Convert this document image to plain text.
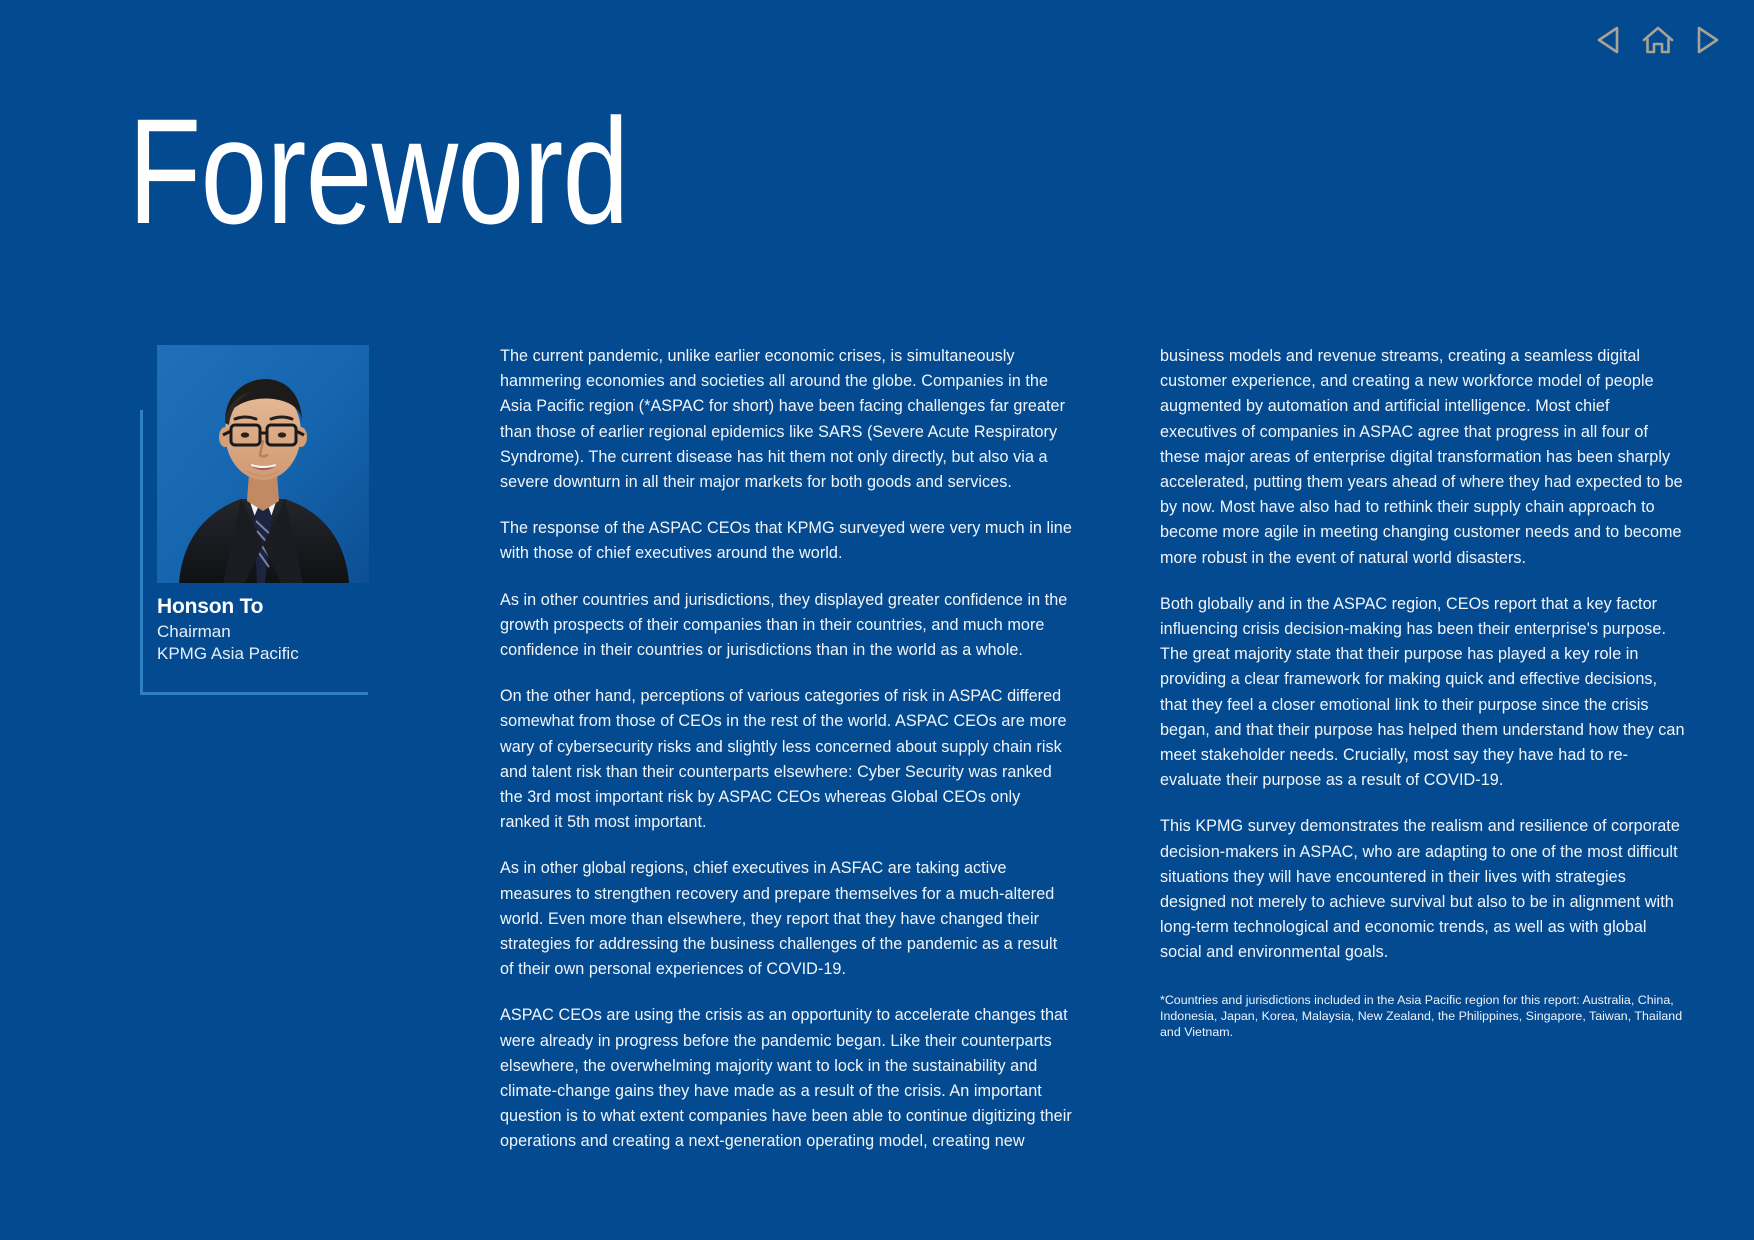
Foreword
Honson To
Chairman
KPMG Asia Pacific

The current pandemic, unlike earlier economic crises, is simultaneously hammering economies and societies all around the globe. Companies in the Asia Pacific region (*ASPAC for short) have been facing challenges far greater than those of earlier regional epidemics like SARS (Severe Acute Respiratory Syndrome). The current disease has hit them not only directly, but also via a severe downturn in all their major markets for both goods and services.

The response of the ASPAC CEOs that KPMG surveyed were very much in line with those of chief executives around the world.

As in other countries and jurisdictions, they displayed greater confidence in the growth prospects of their companies than in their countries, and much more confidence in their countries or jurisdictions than in the world as a whole.

On the other hand, perceptions of various categories of risk in ASPAC differed somewhat from those of CEOs in the rest of the world. ASPAC CEOs are more wary of cybersecurity risks and slightly less concerned about supply chain risk and talent risk than their counterparts elsewhere: Cyber Security was ranked the 3rd most important risk by ASPAC CEOs whereas Global CEOs only ranked it 5th most important.

As in other global regions, chief executives in ASFAC are taking active measures to strengthen recovery and prepare themselves for a much-altered world. Even more than elsewhere, they report that they have changed their strategies for addressing the business challenges of the pandemic as a result of their own personal experiences of COVID-19.

ASPAC CEOs are using the crisis as an opportunity to accelerate changes that were already in progress before the pandemic began. Like their counterparts elsewhere, the overwhelming majority want to lock in the sustainability and climate-change gains they have made as a result of the crisis. An important question is to what extent companies have been able to continue digitizing their operations and creating a next-generation operating model, creating new

business models and revenue streams, creating a seamless digital customer experience, and creating a new workforce model of people augmented by automation and artificial intelligence. Most chief executives of companies in ASPAC agree that progress in all four of these major areas of enterprise digital transformation has been sharply accelerated, putting them years ahead of where they had expected to be by now. Most have also had to rethink their supply chain approach to become more agile in meeting changing customer needs and to become more robust in the event of natural world disasters.

Both globally and in the ASPAC region, CEOs report that a key factor influencing crisis decision-making has been their enterprise's purpose. The great majority state that their purpose has played a key role in providing a clear framework for making quick and effective decisions, that they feel a closer emotional link to their purpose since the crisis began, and that their purpose has helped them understand how they can meet stakeholder needs. Crucially, most say they have had to re-evaluate their purpose as a result of COVID-19.

This KPMG survey demonstrates the realism and resilience of corporate decision-makers in ASPAC, who are adapting to one of the most difficult situations they will have encountered in their lives with strategies designed not merely to achieve survival but also to be in alignment with long-term technological and economic trends, as well as with global social and environmental goals.

*Countries and jurisdictions included in the Asia Pacific region for this report: Australia, China, Indonesia, Japan, Korea, Malaysia, New Zealand, the Philippines, Singapore, Taiwan, Thailand and Vietnam.
